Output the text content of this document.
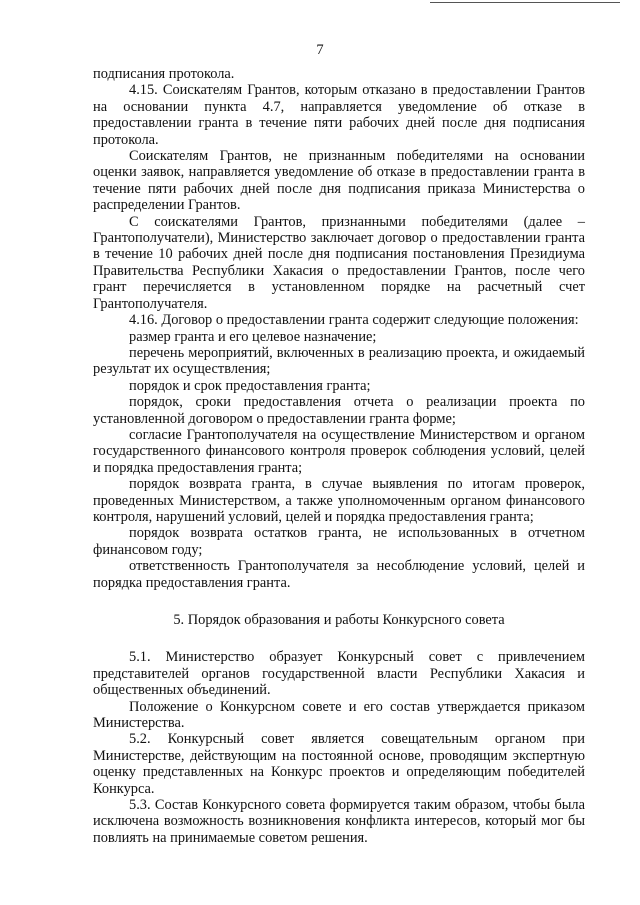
7

подписания протокола.

4.15. Соискателям Грантов, которым отказано в предоставлении Грантов на основании пункта 4.7, направляется уведомление об отказе в предоставлении гранта в течение пяти рабочих дней после дня подписания протокола.

Соискателям Грантов, не признанным победителями на основании оценки заявок, направляется уведомление об отказе в предоставлении гранта в течение пяти рабочих дней после дня подписания приказа Министерства о распределении Грантов.

С соискателями Грантов, признанными победителями (далее – Грантополучатели), Министерство заключает договор о предоставлении гранта в течение 10 рабочих дней после дня подписания постановления Президиума Правительства Республики Хакасия о предоставлении Грантов, после чего грант перечисляется в установленном порядке на расчетный счет Грантополучателя.

4.16. Договор о предоставлении гранта содержит следующие положения:

размер гранта и его целевое назначение;

перечень мероприятий, включенных в реализацию проекта, и ожидаемый результат их осуществления;

порядок и срок предоставления гранта;

порядок, сроки предоставления отчета о реализации проекта по установленной договором о предоставлении гранта форме;

согласие Грантополучателя на осуществление Министерством и органом государственного финансового контроля проверок соблюдения условий, целей и порядка предоставления гранта;

порядок возврата гранта, в случае выявления по итогам проверок, проведенных Министерством, а также уполномоченным органом финансового контроля, нарушений условий, целей и порядка предоставления гранта;

порядок возврата остатков гранта, не использованных в отчетном финансовом году;

ответственность Грантополучателя за несоблюдение условий, целей и порядка предоставления гранта.

5. Порядок образования и работы Конкурсного совета

5.1. Министерство образует Конкурсный совет с привлечением представителей органов государственной власти Республики Хакасия и общественных объединений.

Положение о Конкурсном совете и его состав утверждается приказом Министерства.

5.2. Конкурсный совет является совещательным органом при Министерстве, действующим на постоянной основе, проводящим экспертную оценку представленных на Конкурс проектов и определяющим победителей Конкурса.

5.3. Состав Конкурсного совета формируется таким образом, чтобы была исключена возможность возникновения конфликта интересов, который мог бы повлиять на принимаемые советом решения.
